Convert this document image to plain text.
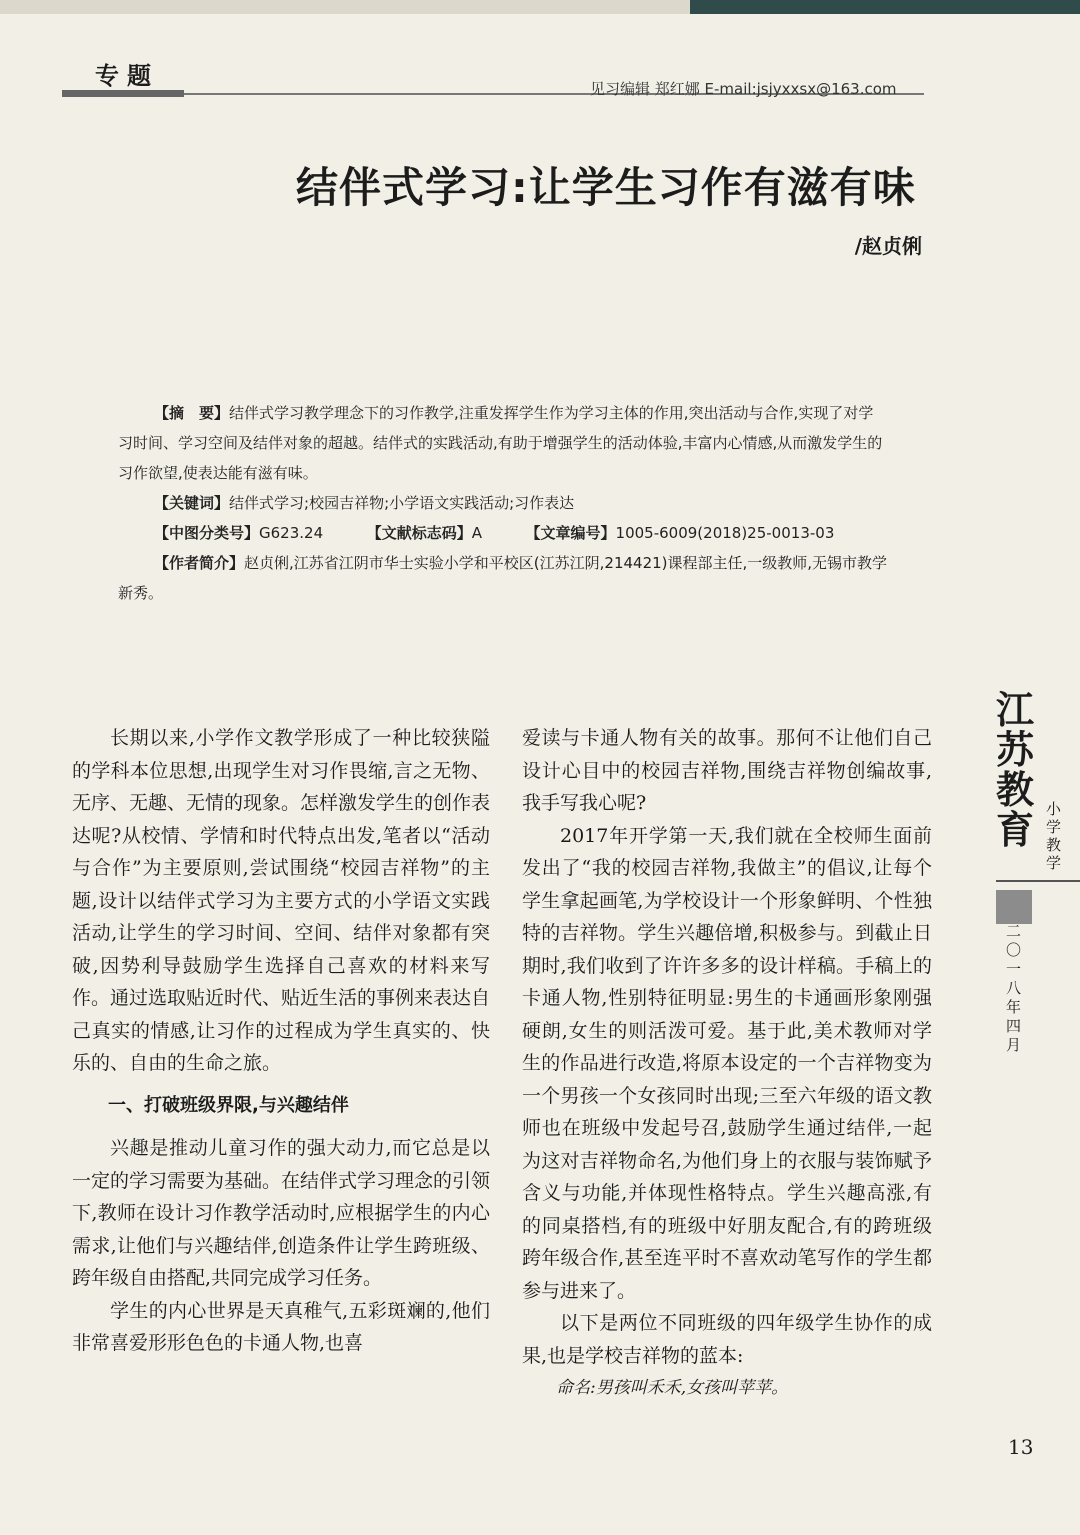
专题	见习编辑 郑红娜 E-mail:jsjyxxsx@163.com
结伴式学习:让学生习作有滋有味
/赵贞俐

【摘　要】结伴式学习教学理念下的习作教学,注重发挥学生作为学习主体的作用,突出活动与合作,实现了对学习时间、学习空间及结伴对象的超越。结伴式的实践活动,有助于增强学生的活动体验,丰富内心情感,从而激发学生的习作欲望,使表达能有滋有味。

【关键词】结伴式学习;校园吉祥物;小学语文实践活动;习作表达

【中图分类号】G623.24	【文献标志码】A	【文章编号】1005-6009(2018)25-0013-03

【作者简介】赵贞俐,江苏省江阴市华士实验小学和平校区(江苏江阴,214421)课程部主任,一级教师,无锡市教学新秀。

长期以来,小学作文教学形成了一种比较狭隘的学科本位思想,出现学生对习作畏缩,言之无物、无序、无趣、无情的现象。怎样激发学生的创作表达呢?从校情、学情和时代特点出发,笔者以“活动与合作”为主要原则,尝试围绕“校园吉祥物”的主题,设计以结伴式学习为主要方式的小学语文实践活动,让学生的学习时间、空间、结伴对象都有突破,因势利导鼓励学生选择自己喜欢的材料来写作。通过选取贴近时代、贴近生活的事例来表达自己真实的情感,让习作的过程成为学生真实的、快乐的、自由的生命之旅。

一、打破班级界限,与兴趣结伴

兴趣是推动儿童习作的强大动力,而它总是以一定的学习需要为基础。在结伴式学习理念的引领下,教师在设计习作教学活动时,应根据学生的内心需求,让他们与兴趣结伴,创造条件让学生跨班级、跨年级自由搭配,共同完成学习任务。

学生的内心世界是天真稚气,五彩斑斓的,他们非常喜爱形形色色的卡通人物,也喜

爱读与卡通人物有关的故事。那何不让他们自己设计心目中的校园吉祥物,围绕吉祥物创编故事,我手写我心呢?

2017年开学第一天,我们就在全校师生面前发出了“我的校园吉祥物,我做主”的倡议,让每个学生拿起画笔,为学校设计一个形象鲜明、个性独特的吉祥物。学生兴趣倍增,积极参与。到截止日期时,我们收到了许许多多的设计样稿。手稿上的卡通人物,性别特征明显:男生的卡通画形象刚强硬朗,女生的则活泼可爱。基于此,美术教师对学生的作品进行改造,将原本设定的一个吉祥物变为一个男孩一个女孩同时出现;三至六年级的语文教师也在班级中发起号召,鼓励学生通过结伴,一起为这对吉祥物命名,为他们身上的衣服与装饰赋予含义与功能,并体现性格特点。学生兴趣高涨,有的同桌搭档,有的班级中好朋友配合,有的跨班级跨年级合作,甚至连平时不喜欢动笔写作的学生都参与进来了。

以下是两位不同班级的四年级学生协作的成果,也是学校吉祥物的蓝本:

命名:男孩叫禾禾,女孩叫苹苹。

江苏教育 小学教学
二〇一八年四月
13
